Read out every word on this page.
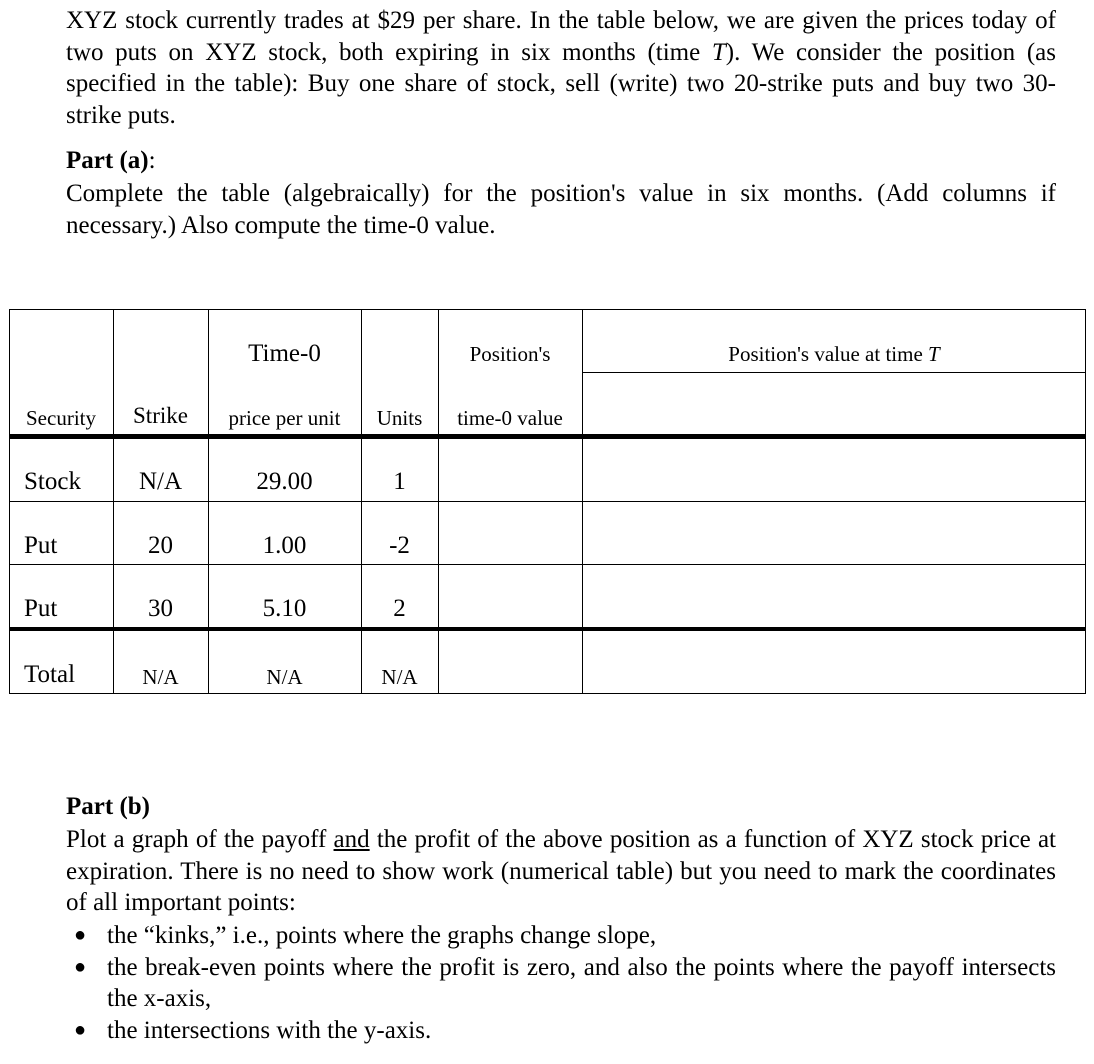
XYZ stock currently trades at $29 per share. In the table below, we are given the prices today of two puts on XYZ stock, both expiring in six months (time T). We consider the position (as specified in the table): Buy one share of stock, sell (write) two 20-strike puts and buy two 30-strike puts.

Part (a):

Complete the table (algebraically) for the position's value in six months. (Add columns if necessary.) Also compute the time-0 value.

Time-0	Position's	Position's value at time T
Security	Strike	price per unit	Units	time-0 value
Stock	N/A	29.00	1
Put	20	1.00	-2
Put	30	5.10	2
Total	N/A	N/A	N/A

Part (b)

Plot a graph of the payoff and the profit of the above position as a function of XYZ stock price at expiration. There is no need to show work (numerical table) but you need to mark the coordinates of all important points:

● the “kinks,” i.e., points where the graphs change slope,
● the break-even points where the profit is zero, and also the points where the payoff intersects the x-axis,
● the intersections with the y-axis.
